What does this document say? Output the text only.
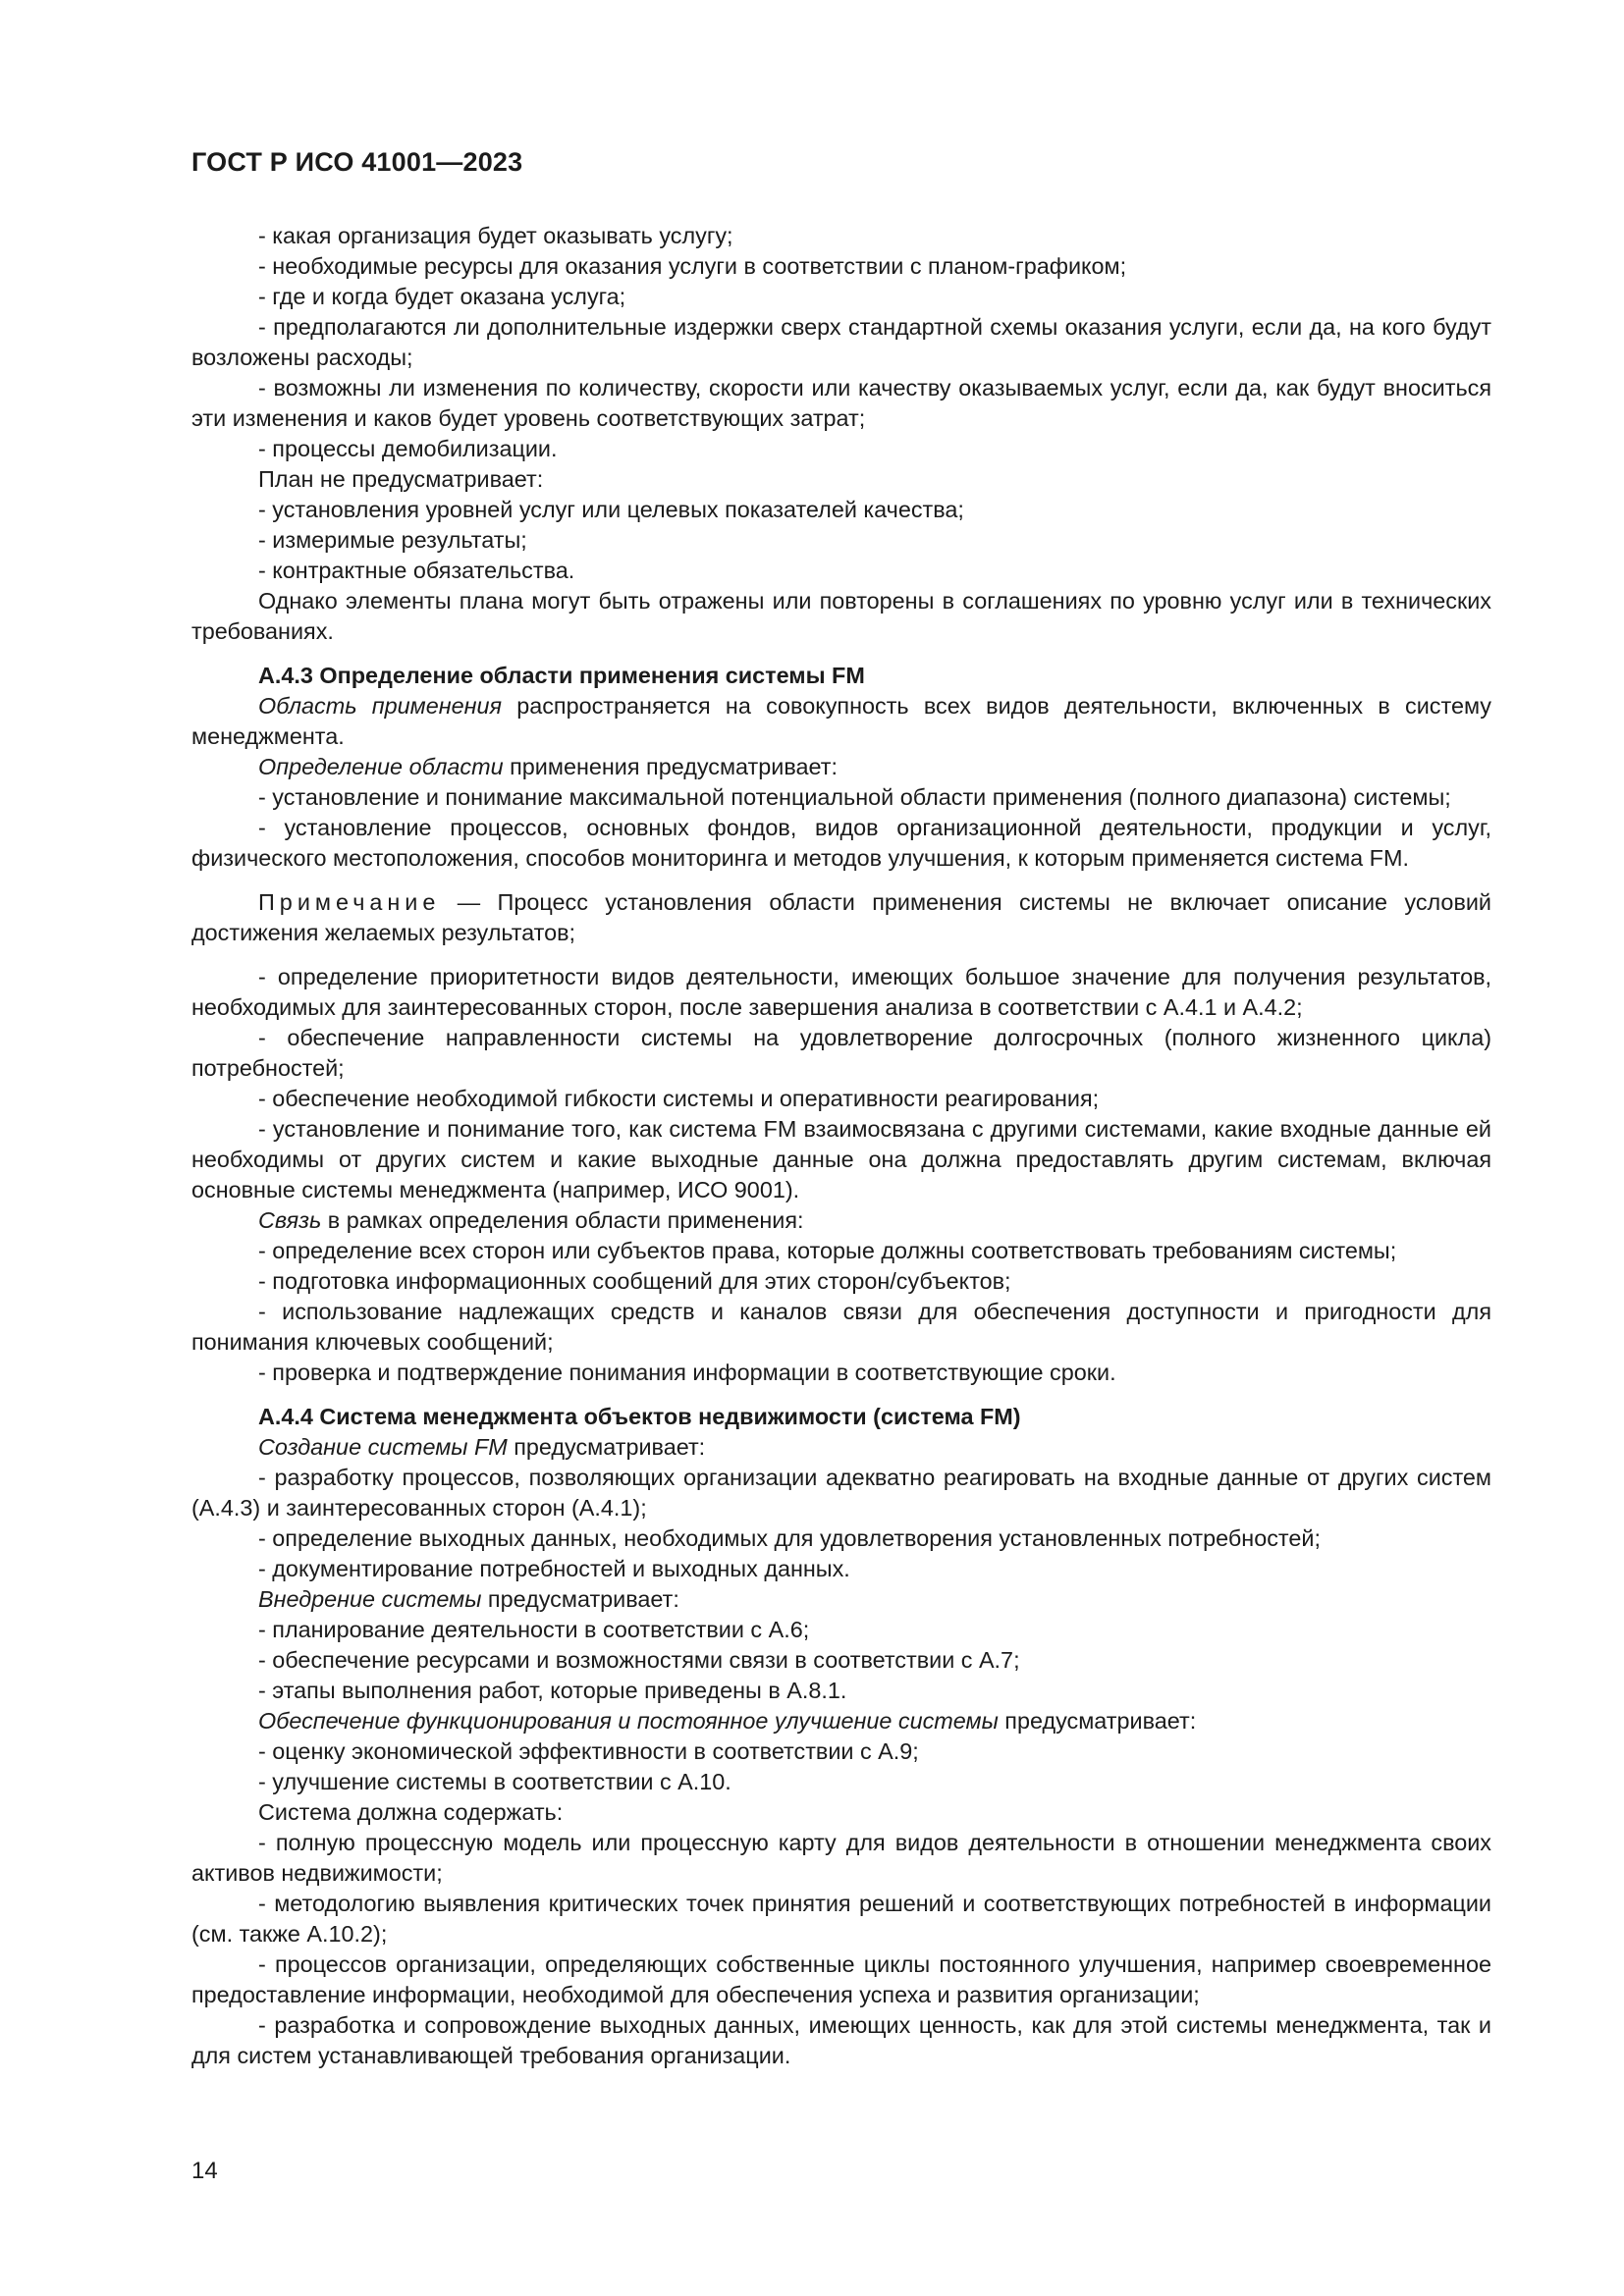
ГОСТ Р ИСО 41001—2023

- какая организация будет оказывать услугу;

- необходимые ресурсы для оказания услуги в соответствии с планом-графиком;

- где и когда будет оказана услуга;

- предполагаются ли дополнительные издержки сверх стандартной схемы оказания услуги, если да, на кого будут возложены расходы;

- возможны ли изменения по количеству, скорости или качеству оказываемых услуг, если да, как будут вноситься эти изменения и каков будет уровень соответствующих затрат;

- процессы демобилизации.

План не предусматривает:

- установления уровней услуг или целевых показателей качества;

- измеримые результаты;

- контрактные обязательства.

Однако элементы плана могут быть отражены или повторены в соглашениях по уровню услуг или в технических требованиях.

А.4.3 Определение области применения системы FM

Область применения распространяется на совокупность всех видов деятельности, включенных в систему менеджмента.

Определение области применения предусматривает:

- установление и понимание максимальной потенциальной области применения (полного диапазона) системы;

- установление процессов, основных фондов, видов организационной деятельности, продукции и услуг, физического местоположения, способов мониторинга и методов улучшения, к которым применяется система FM.

Примечание — Процесс установления области применения системы не включает описание условий достижения желаемых результатов;

- определение приоритетности видов деятельности, имеющих большое значение для получения результатов, необходимых для заинтересованных сторон, после завершения анализа в соответствии с А.4.1 и А.4.2;

- обеспечение направленности системы на удовлетворение долгосрочных (полного жизненного цикла) потребностей;

- обеспечение необходимой гибкости системы и оперативности реагирования;

- установление и понимание того, как система FM взаимосвязана с другими системами, какие входные данные ей необходимы от других систем и какие выходные данные она должна предоставлять другим системам, включая основные системы менеджмента (например, ИСО 9001).

Связь в рамках определения области применения:

- определение всех сторон или субъектов права, которые должны соответствовать требованиям системы;

- подготовка информационных сообщений для этих сторон/субъектов;

- использование надлежащих средств и каналов связи для обеспечения доступности и пригодности для понимания ключевых сообщений;

- проверка и подтверждение понимания информации в соответствующие сроки.

А.4.4 Система менеджмента объектов недвижимости (система FM)

Создание системы FM предусматривает:

- разработку процессов, позволяющих организации адекватно реагировать на входные данные от других систем (А.4.3) и заинтересованных сторон (А.4.1);

- определение выходных данных, необходимых для удовлетворения установленных потребностей;

- документирование потребностей и выходных данных.

Внедрение системы предусматривает:

- планирование деятельности в соответствии с А.6;

- обеспечение ресурсами и возможностями связи в соответствии с А.7;

- этапы выполнения работ, которые приведены в А.8.1.

Обеспечение функционирования и постоянное улучшение системы предусматривает:

- оценку экономической эффективности в соответствии с А.9;

- улучшение системы в соответствии с А.10.

Система должна содержать:

- полную процессную модель или процессную карту для видов деятельности в отношении менеджмента своих активов недвижимости;

- методологию выявления критических точек принятия решений и соответствующих потребностей в информации (см. также А.10.2);

- процессов организации, определяющих собственные циклы постоянного улучшения, например своевременное предоставление информации, необходимой для обеспечения успеха и развития организации;

- разработка и сопровождение выходных данных, имеющих ценность, как для этой системы менеджмента, так и для систем устанавливающей требования организации.

14
